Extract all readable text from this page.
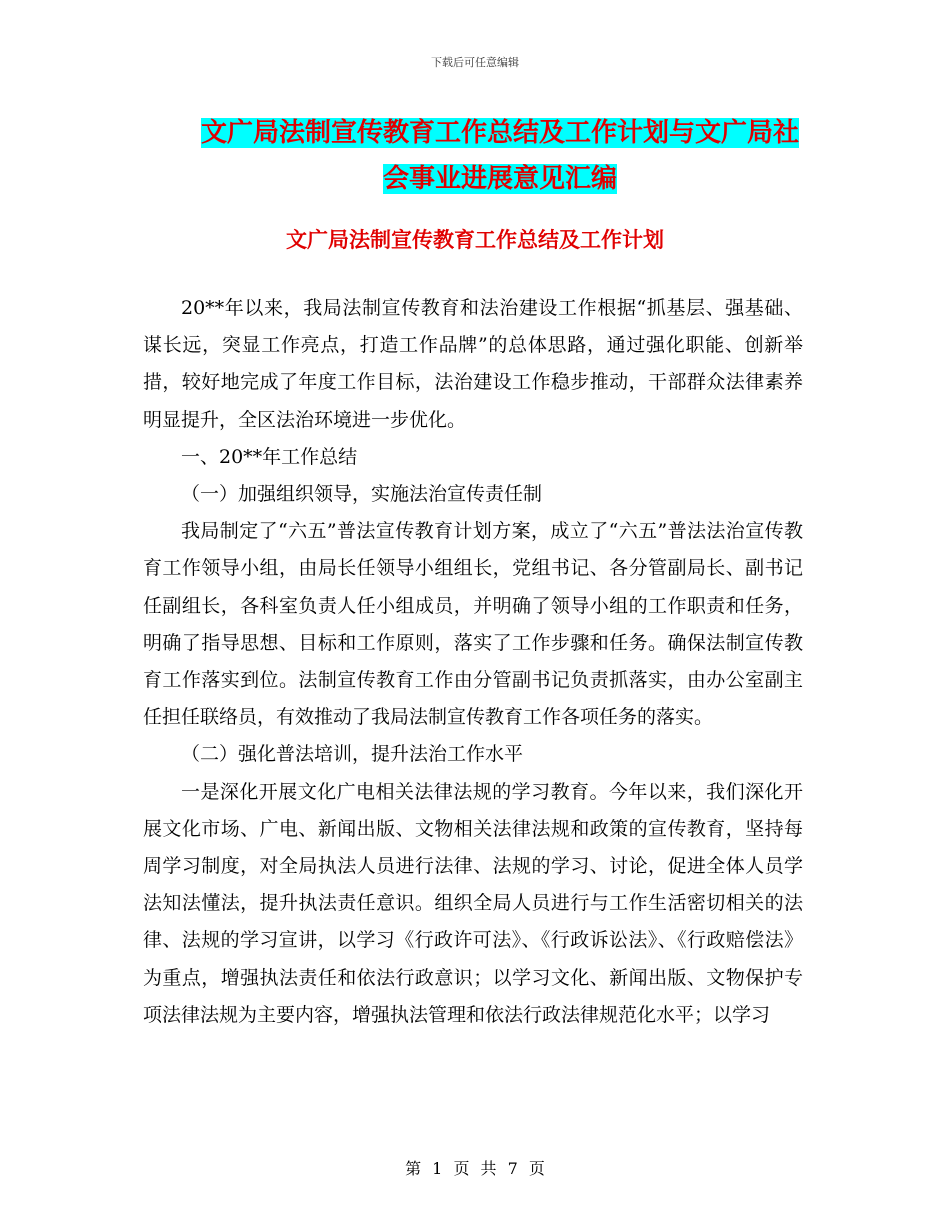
下载后可任意编辑
文广局法制宣传教育工作总结及工作计划与文广局社
会事业进展意见汇编
文广局法制宣传教育工作总结及工作计划

20**年以来，我局法制宣传教育和法治建设工作根据“抓基层、强基础、谋长远，突显工作亮点，打造工作品牌”的总体思路，通过强化职能、创新举措，较好地完成了年度工作目标，法治建设工作稳步推动，干部群众法律素养明显提升，全区法治环境进一步优化。

一、20**年工作总结

（一）加强组织领导，实施法治宣传责任制

我局制定了“六五”普法宣传教育计划方案，成立了“六五”普法法治宣传教育工作领导小组，由局长任领导小组组长，党组书记、各分管副局长、副书记任副组长，各科室负责人任小组成员，并明确了领导小组的工作职责和任务，明确了指导思想、目标和工作原则，落实了工作步骤和任务。确保法制宣传教育工作落实到位。法制宣传教育工作由分管副书记负责抓落实，由办公室副主任担任联络员，有效推动了我局法制宣传教育工作各项任务的落实。

（二）强化普法培训，提升法治工作水平

一是深化开展文化广电相关法律法规的学习教育。今年以来，我们深化开展文化市场、广电、新闻出版、文物相关法律法规和政策的宣传教育，坚持每周学习制度，对全局执法人员进行法律、法规的学习、讨论，促进全体人员学法知法懂法，提升执法责任意识。组织全局人员进行与工作生活密切相关的法律、法规的学习宣讲，以学习《行政许可法》、《行政诉讼法》、《行政赔偿法》为重点，增强执法责任和依法行政意识；以学习文化、新闻出版、文物保护专项法律法规为主要内容，增强执法管理和依法行政法律规范化水平；以学习

第 1 页 共 7 页
